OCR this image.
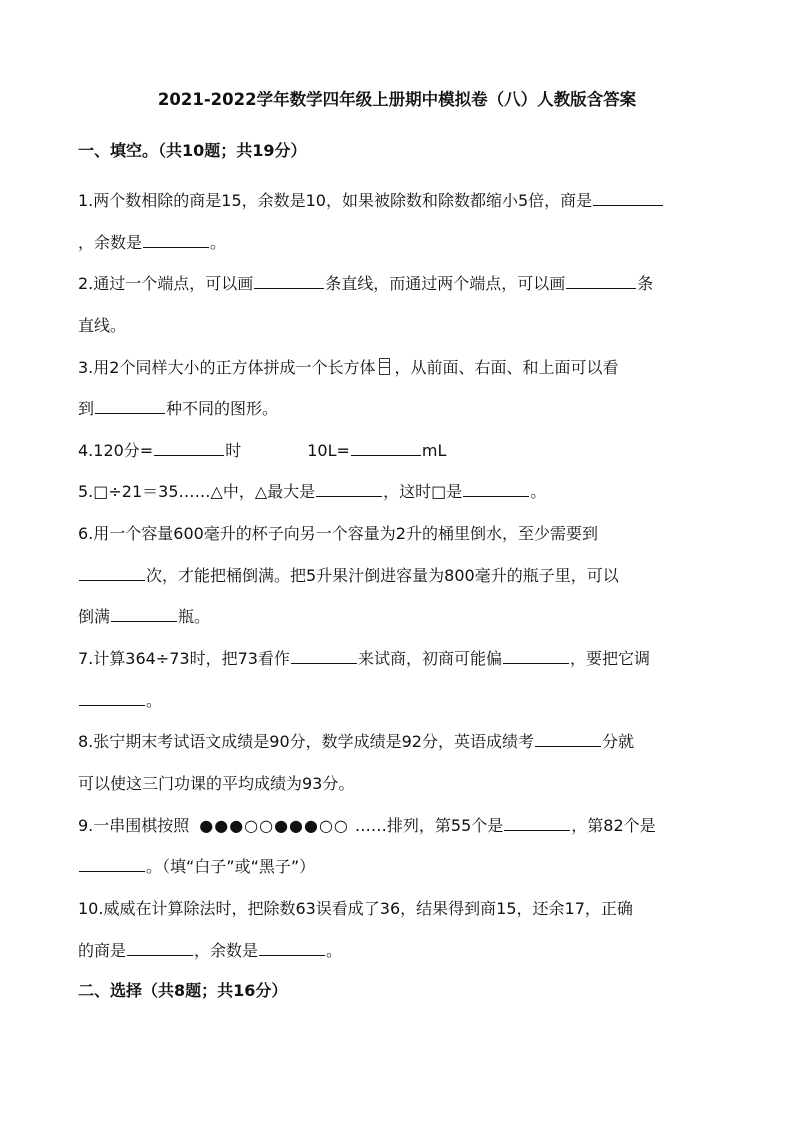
2021-2022学年数学四年级上册期中模拟卷（八）人教版含答案
一、填空。（共10题；共19分）
1.两个数相除的商是15，余数是10，如果被除数和除数都缩小5倍，商是
，余数是	。
2.通过一个端点，可以画	条直线，而通过两个端点，可以画	条
直线。
3.用2个同样大小的正方体拼成一个长方体 ，从前面、右面、和上面可以看
到	种不同的图形。
4.120分=	时	10L=	mL
5.□÷21＝35……△中，△最大是	，这时□是	。
6.用一个容量600毫升的杯子向另一个容量为2升的桶里倒水，至少需要到
次，才能把桶倒满。把5升果汁倒进容量为800毫升的瓶子里，可以
倒满	瓶。
7.计算364÷73时，把73看作	来试商，初商可能偏	，要把它调
。
8.张宁期末考试语文成绩是90分，数学成绩是92分，英语成绩考	分就
可以使这三门功课的平均成绩为93分。
9.一串围棋按照 ●●●○○●●●○○ ……排列，第55个是	，第82个是
。（填“白子”或“黑子”）
10.威威在计算除法时，把除数63误看成了36，结果得到商15，还余17，正确
的商是	，余数是	。
二、选择（共8题；共16分）
